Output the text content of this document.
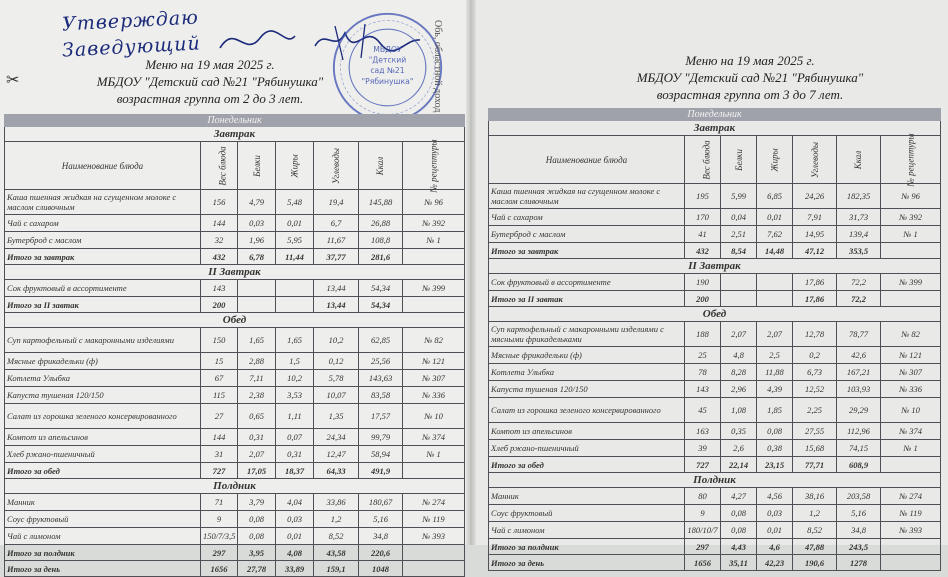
Утверждаю
Заведующий
✂
МБДОУ
"Детский
сад №21
"Рябинушка" Обь, областной доход
Меню на 19 мая 2025 г.
МБДОУ "Детский сад №21 "Рябинушка"
возрастная группа от 2 до 3 лет.
Понедельник						
Завтрак						
Наименование блюда	Вес блюда	Белки	Жиры	Углеводы	Ккал	№ рецептуры
Каша пшенная жидкая на сгущенном молоке с маслом сливочным	156	4,79	5,48	19,4	145,88	№ 96
Чай с сахаром	144	0,03	0,01	6,7	26,88	№ 392
Бутерброд с маслом	32	1,96	5,95	11,67	108,8	№ 1
Итого за завтрак	432	6,78	11,44	37,77	281,6	
II Завтрак						
Сок фруктовый в ассортименте	143			13,44	54,34	№ 399
Итого за II завтак	200			13,44	54,34	
Обед						
Суп картофельный с макаронными изделиями	150	1,65	1,65	10,2	62,85	№ 82
Мясные фрикадельки (ф)	15	2,88	1,5	0,12	25,56	№ 121
Котлета Улыбка	67	7,11	10,2	5,78	143,63	№ 307
Капуста тушеная 120/150	115	2,38	3,53	10,07	83,58	№ 336
Салат из горошка зеленого консервированного	27	0,65	1,11	1,35	17,57	№ 10
Компот из апельсинов	144	0,31	0,07	24,34	99,79	№ 374
Хлеб ржано-пшеничный	31	2,07	0,31	12,47	58,94	№ 1
Итого за обед	727	17,05	18,37	64,33	491,9	
Полдник						
Манник	71	3,79	4,04	33,86	180,67	№ 274
Соус фруктовый	9	0,08	0,03	1,2	5,16	№ 119
Чай с лимоном	150/7/3,5	0,08	0,01	8,52	34,8	№ 393
Итого за полдник	297	3,95	4,08	43,58	220,6	
Итого за день	1656	27,78	33,89	159,1	1048	
Меню на 19 мая 2025 г.
МБДОУ "Детский сад №21 "Рябинушка"
возрастная группа от 3 до 7 лет.
Понедельник						
Завтрак						
Наименование блюда	Вес блюда	Белки	Жиры	Углеводы	Ккал	№ рецептуры
Каша пшенная жидкая на сгущенном молоке с маслом сливочным	195	5,99	6,85	24,26	182,35	№ 96
Чай с сахаром	170	0,04	0,01	7,91	31,73	№ 392
Бутерброд с маслом	41	2,51	7,62	14,95	139,4	№ 1
Итого за завтрак	432	8,54	14,48	47,12	353,5	
II Завтрак						
Сок фруктовый в ассортименте	190			17,86	72,2	№ 399
Итого за II завтак	200			17,86	72,2	
Обед						
Суп картофельный с макаронными изделиями с мясными фрикадельками	188	2,07	2,07	12,78	78,77	№ 82
Мясные фрикадельки (ф)	25	4,8	2,5	0,2	42,6	№ 121
Котлета Улыбка	78	8,28	11,88	6,73	167,21	№ 307
Капуста тушеная 120/150	143	2,96	4,39	12,52	103,93	№ 336
Салат из горошка зеленого консервированного	45	1,08	1,85	2,25	29,29	№ 10
Компот из апельсинов	163	0,35	0,08	27,55	112,96	№ 374
Хлеб ржано-пшеничный	39	2,6	0,38	15,68	74,15	№ 1
Итого за обед	727	22,14	23,15	77,71	608,9	
Полдник						
Манник	80	4,27	4,56	38,16	203,58	№ 274
Соус фруктовый	9	0,08	0,03	1,2	5,16	№ 119
Чай с лимоном	180/10/7	0,08	0,01	8,52	34,8	№ 393
Итого за полдник	297	4,43	4,6	47,88	243,5	
Итого за день	1656	35,11	42,23	190,6	1278	
